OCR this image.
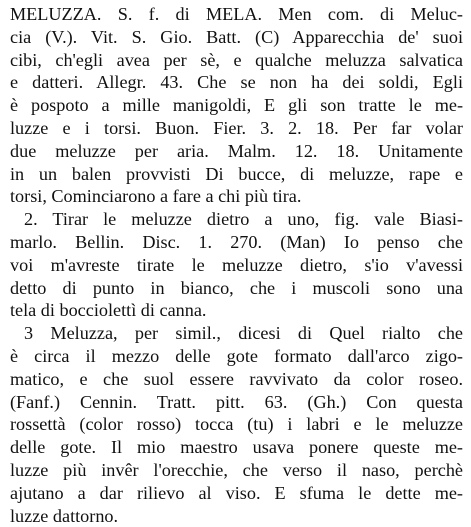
MELUZZA. S. f. di MELA. Men com. di Meluc-
cia (V.). Vit. S. Gio. Batt. (C) Apparecchia de' suoi
cibi, ch'egli avea per sè, e qualche meluzza salvatica
e datteri. Allegr. 43. Che se non ha dei soldi, Egli
è pospoto a mille manigoldi, E gli son tratte le me-
luzze e i torsi. Buon. Fier. 3. 2. 18. Per far volar
due meluzze per aria. Malm. 12. 18. Unitamente
in un balen provvisti Di bucce, di meluzze, rape e
torsi, Cominciarono a fare a chi più tira.
2. Tirar le meluzze dietro a uno, fig. vale Biasi-
marlo. Bellin. Disc. 1. 270. (Man) Io penso che
voi m'avreste tirate le meluzze dietro, s'io v'avessi
detto di punto in bianco, che i muscoli sono una
tela di bocciolettì di canna.
3 Meluzza, per simil., dicesi di Quel rialto che
è circa il mezzo delle gote formato dall'arco zigo-
matico, e che suol essere ravvivato da color roseo.
(Fanf.) Cennin. Tratt. pitt. 63. (Gh.) Con questa
rossettà (color rosso) tocca (tu) i labri e le meluzze
delle gote. Il mio maestro usava ponere queste me-
luzze più invêr l'orecchie, che verso il naso, perchè
ajutano a dar rilievo al viso. E sfuma le dette me-
luzze dattorno.
